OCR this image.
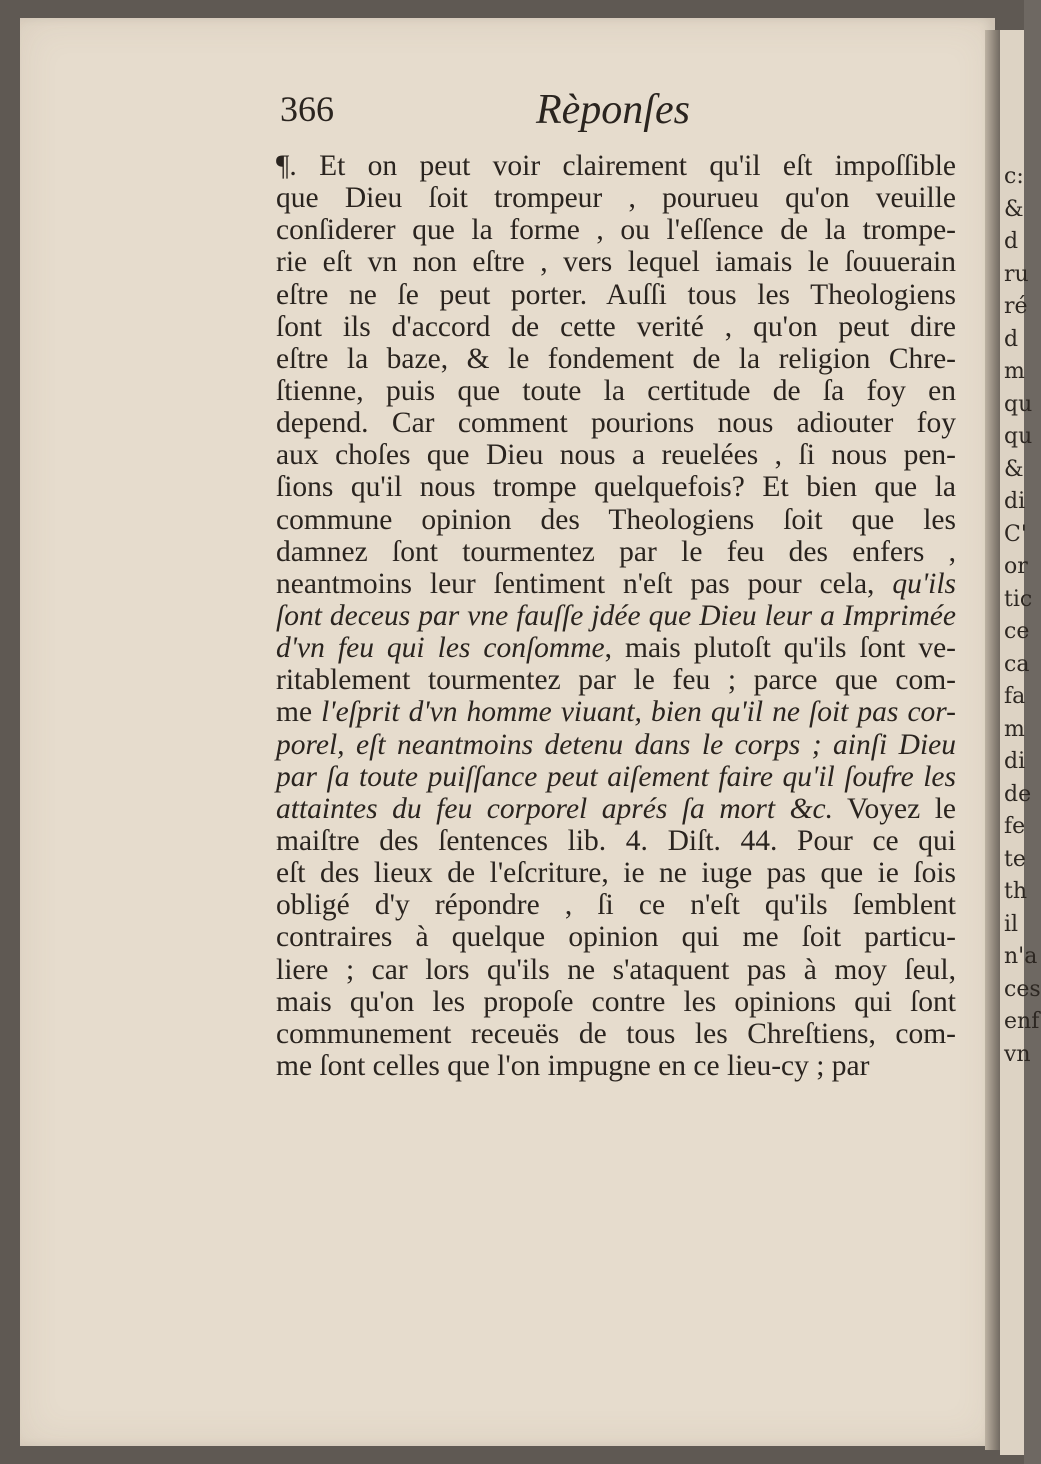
366	Rèponſes
¶. Et on peut voir clairement qu'il eſt impoſſible
que Dieu ſoit trompeur , pourueu qu'on veuille
conſiderer que la forme , ou l'eſſence de la trompe-
rie eſt vn non eſtre , vers lequel iamais le ſouuerain
eſtre ne ſe peut porter. Auſſi tous les Theologiens
ſont ils d'accord de cette verité , qu'on peut dire
eſtre la baze, & le fondement de la religion Chre-
ſtienne, puis que toute la certitude de ſa foy en
depend. Car comment pourions nous adiouter foy
aux choſes que Dieu nous a reuelées , ſi nous pen-
ſions qu'il nous trompe quelquefois? Et bien que la
commune opinion des Theologiens ſoit que les
damnez ſont tourmentez par le feu des enfers ,
neantmoins leur ſentiment n'eſt pas pour cela, qu'ils
ſont deceus par vne fauſſe jdée que Dieu leur a Imprimée
d'vn feu qui les conſomme, mais plutoſt qu'ils ſont ve-
ritablement tourmentez par le feu ; parce que com-
me l'eſprit d'vn homme viuant, bien qu'il ne ſoit pas cor-
porel, eſt neantmoins detenu dans le corps ; ainſi Dieu
par ſa toute puiſſance peut aiſement faire qu'il ſoufre les
attaintes du feu corporel aprés ſa mort &c. Voyez le
maiſtre des ſentences lib. 4. Diſt. 44. Pour ce qui
eſt des lieux de l'eſcriture, ie ne iuge pas que ie ſois
obligé d'y répondre , ſi ce n'eſt qu'ils ſemblent
contraires à quelque opinion qui me ſoit particu-
liere ; car lors qu'ils ne s'ataquent pas à moy ſeul,
mais qu'on les propoſe contre les opinions qui ſont
communement receuës de tous les Chreſtiens, com-
me ſont celles que l'on impugne en ce lieu-cy ; par
c:
&
d
ru
ré
d
m
qu
qu
&
di
C'
or
tic
ce
ca
fa
m
di
de
fe
te
th
il
n'a
ces
enf
vn
